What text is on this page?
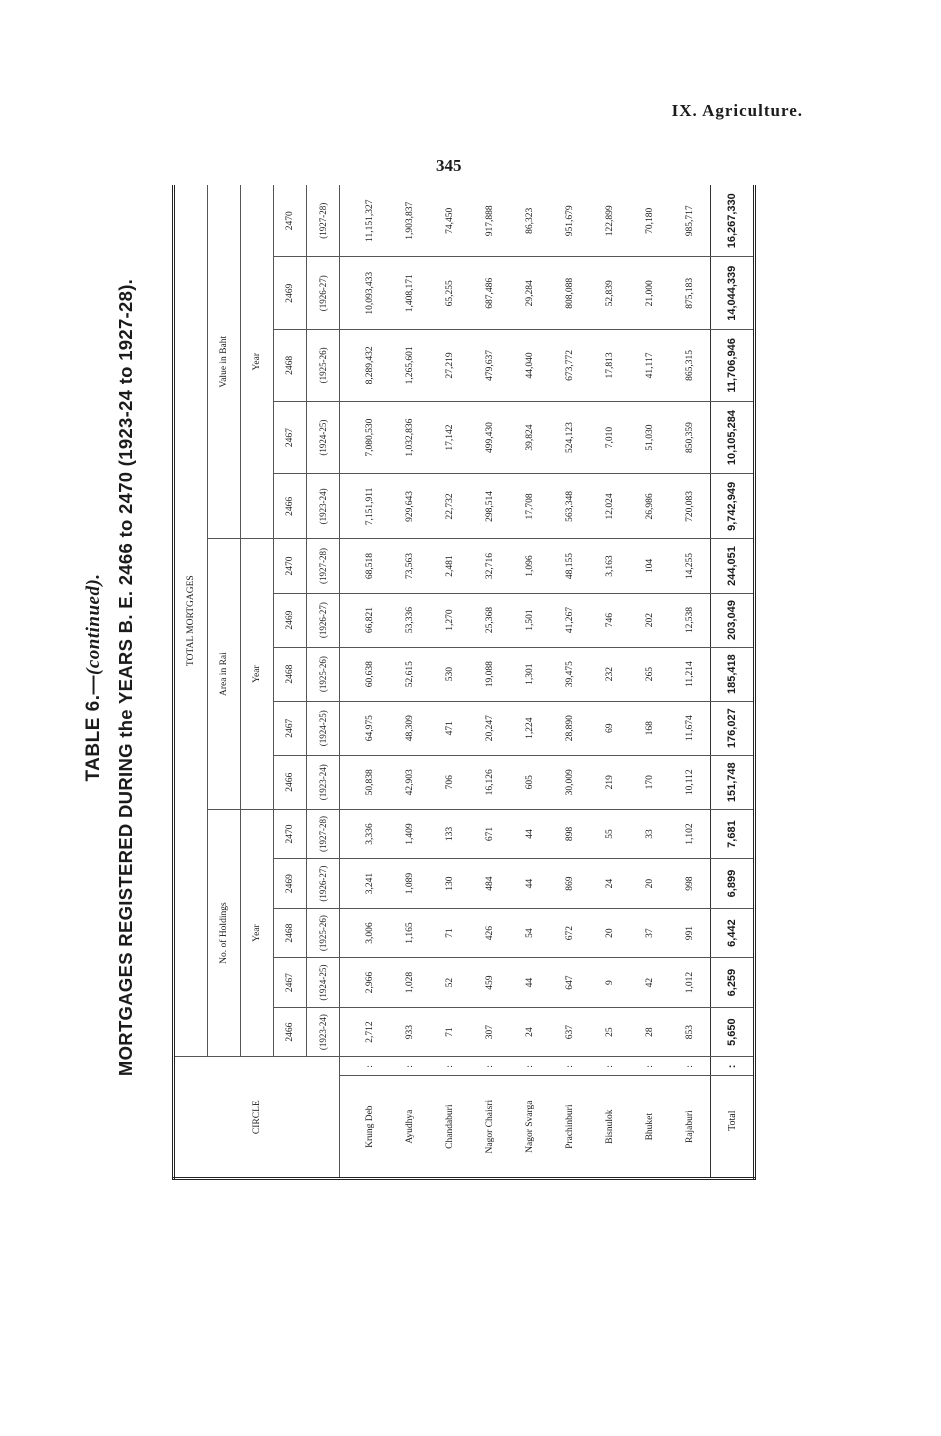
IX. Agriculture.
345
TABLE 6.—(continued). MORTGAGES REGISTERED DURING the YEARS B. E. 2466 to 2470 (1923-24 to 1927-28).
CIRCLE		TOTAL MORTGAGES														
		No. of Holdings					Area in Rai					Value in Baht				
		Year					Year					Year				
		2466	2467	2468	2469	2470	2466	2467	2468	2469	2470	2466	2467	2468	2469	2470
		(1923-24)	(1924-25)	(1925-26)	(1926-27)	(1927-28)	(1923-24)	(1924-25)	(1925-26)	(1926-27)	(1927-28)	(1923-24)	(1924-25)	(1925-26)	(1926-27)	(1927-28)
Krung Deb	:	2,712	2,966	3,006	3,241	3,336	50,838	64,975	60,638	66,821	68,518	7,151,911	7,080,530	8,289,432	10,093,433	11,151,327
Ayudhya	:	933	1,028	1,165	1,089	1,409	42,903	48,309	52,615	53,336	73,563	929,643	1,032,836	1,265,601	1,408,171	1,903,837
Chandaburi	:	71	52	71	130	133	706	471	530	1,270	2,481	22,732	17,142	27,219	65,255	74,450
Nagor Chaisri	:	307	459	426	484	671	16,126	20,247	19,088	25,368	32,716	298,514	499,430	479,637	687,486	917,888
Nagor Svarga	:	24	44	54	44	44	605	1,224	1,301	1,501	1,096	17,708	39,824	44,040	29,284	86,323
Prachinburi	:	637	647	672	869	898	30,009	28,890	39,475	41,267	48,155	563,348	524,123	673,772	808,088	951,679
Bisnulok	:	25	9	20	24	55	219	69	232	746	3,163	12,024	7,010	17,813	52,839	122,899
Bhuket	:	28	42	37	20	33	170	168	265	202	104	26,986	51,030	41,117	21,000	70,180
Rajaburi	:	853	1,012	991	998	1,102	10,112	11,674	11,214	12,538	14,255	720,083	850,359	865,315	875,183	985,717
Total	:	5,650	6,259	6,442	6,899	7,681	151,748	176,027	185,418	203,049	244,051	9,742,949	10,105,284	11,706,946	14,044,339	16,267,330
